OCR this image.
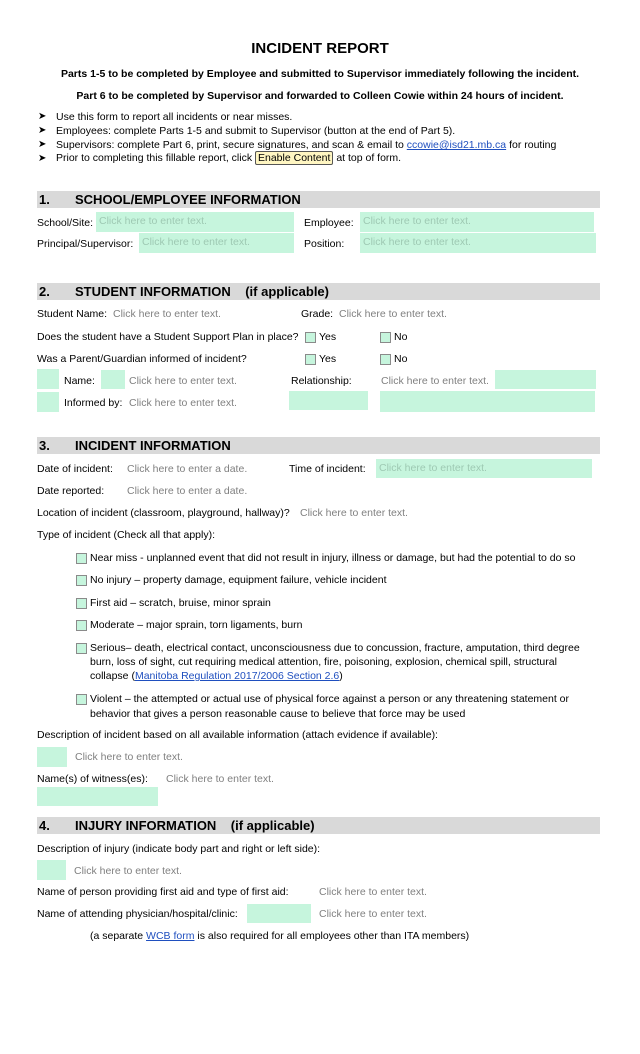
INCIDENT REPORT
Parts 1-5 to be completed by Employee and submitted to Supervisor immediately following the incident.
Part 6 to be completed by Supervisor and forwarded to Colleen Cowie within 24 hours of incident.
➤ Use this form to report all incidents or near misses.
➤ Employees: complete Parts 1-5 and submit to Supervisor (button at the end of Part 5).
➤ Supervisors: complete Part 6, print, secure signatures, and scan & email to ccowie@isd21.mb.ca for routing
➤ Prior to completing this fillable report, click Enable Content at top of form.
1. SCHOOL/EMPLOYEE INFORMATION
School/Site: Click here to enter text.	Employee: Click here to enter text.
Principal/Supervisor: Click here to enter text.	Position: Click here to enter text.
2. STUDENT INFORMATION (if applicable)
Student Name: Click here to enter text.	Grade: Click here to enter text.
Does the student have a Student Support Plan in place? Yes	No
Was a Parent/Guardian informed of incident?	Yes	No
Name:	Click here to enter text.	Relationship:	Click here to enter text.
Informed by: Click here to enter text.
3. INCIDENT INFORMATION
Date of incident: Click here to enter a date.	Time of incident: Click here to enter text.
Date reported: Click here to enter a date.
Location of incident (classroom, playground, hallway)? Click here to enter text.
Type of incident (Check all that apply):
Near miss - unplanned event that did not result in injury, illness or damage, but had the potential to do so
No injury – property damage, equipment failure, vehicle incident
First aid – scratch, bruise, minor sprain
Moderate – major sprain, torn ligaments, burn
Serious– death, electrical contact, unconsciousness due to concussion, fracture, amputation, third degree
burn, loss of sight, cut requiring medical attention, fire, poisoning, explosion, chemical spill, structural
collapse (Manitoba Regulation 2017/2006 Section 2.6)
Violent – the attempted or actual use of physical force against a person or any threatening statement or
behavior that gives a person reasonable cause to believe that force may be used
Description of incident based on all available information (attach evidence if available):
Click here to enter text.
Name(s) of witness(es): Click here to enter text.
4. INJURY INFORMATION (if applicable)
Description of injury (indicate body part and right or left side):
Click here to enter text.
Name of person providing first aid and type of first aid:	Click here to enter text.
Name of attending physician/hospital/clinic:	Click here to enter text.
(a separate WCB form is also required for all employees other than ITA members)
